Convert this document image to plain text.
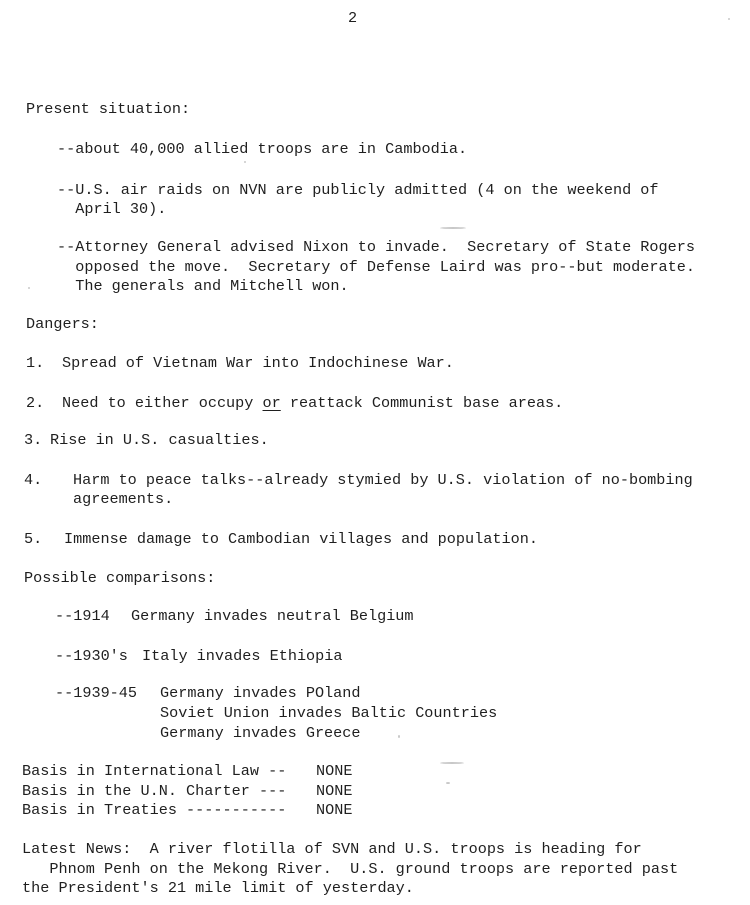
2
Present situation:
--about 40,000 allied troops are in Cambodia.
--U.S. air raids on NVN are publicly admitted (4 on the weekend of
April 30).
--Attorney General advised Nixon to invade.  Secretary of State Rogers
opposed the move.  Secretary of Defense Laird was pro--but moderate.
The generals and Mitchell won.
Dangers:
1. Spread of Vietnam War into Indochinese War.
2. Need to either occupy or reattack Communist base areas.
3. Rise in U.S. casualties.
4. Harm to peace talks--already stymied by U.S. violation of no-bombing
agreements.
5. Immense damage to Cambodian villages and population.
Possible comparisons:
--1914 Germany invades neutral Belgium
--1930's Italy invades Ethiopia
--1939-45 Germany invades POland
Soviet Union invades Baltic Countries
Germany invades Greece
Basis in International Law -- NONE
Basis in the U.N. Charter --- NONE
Basis in Treaties ----------- NONE
Latest News:  A river flotilla of SVN and U.S. troops is heading for
Phnom Penh on the Mekong River.  U.S. ground troops are reported past
the President's 21 mile limit of yesterday.
